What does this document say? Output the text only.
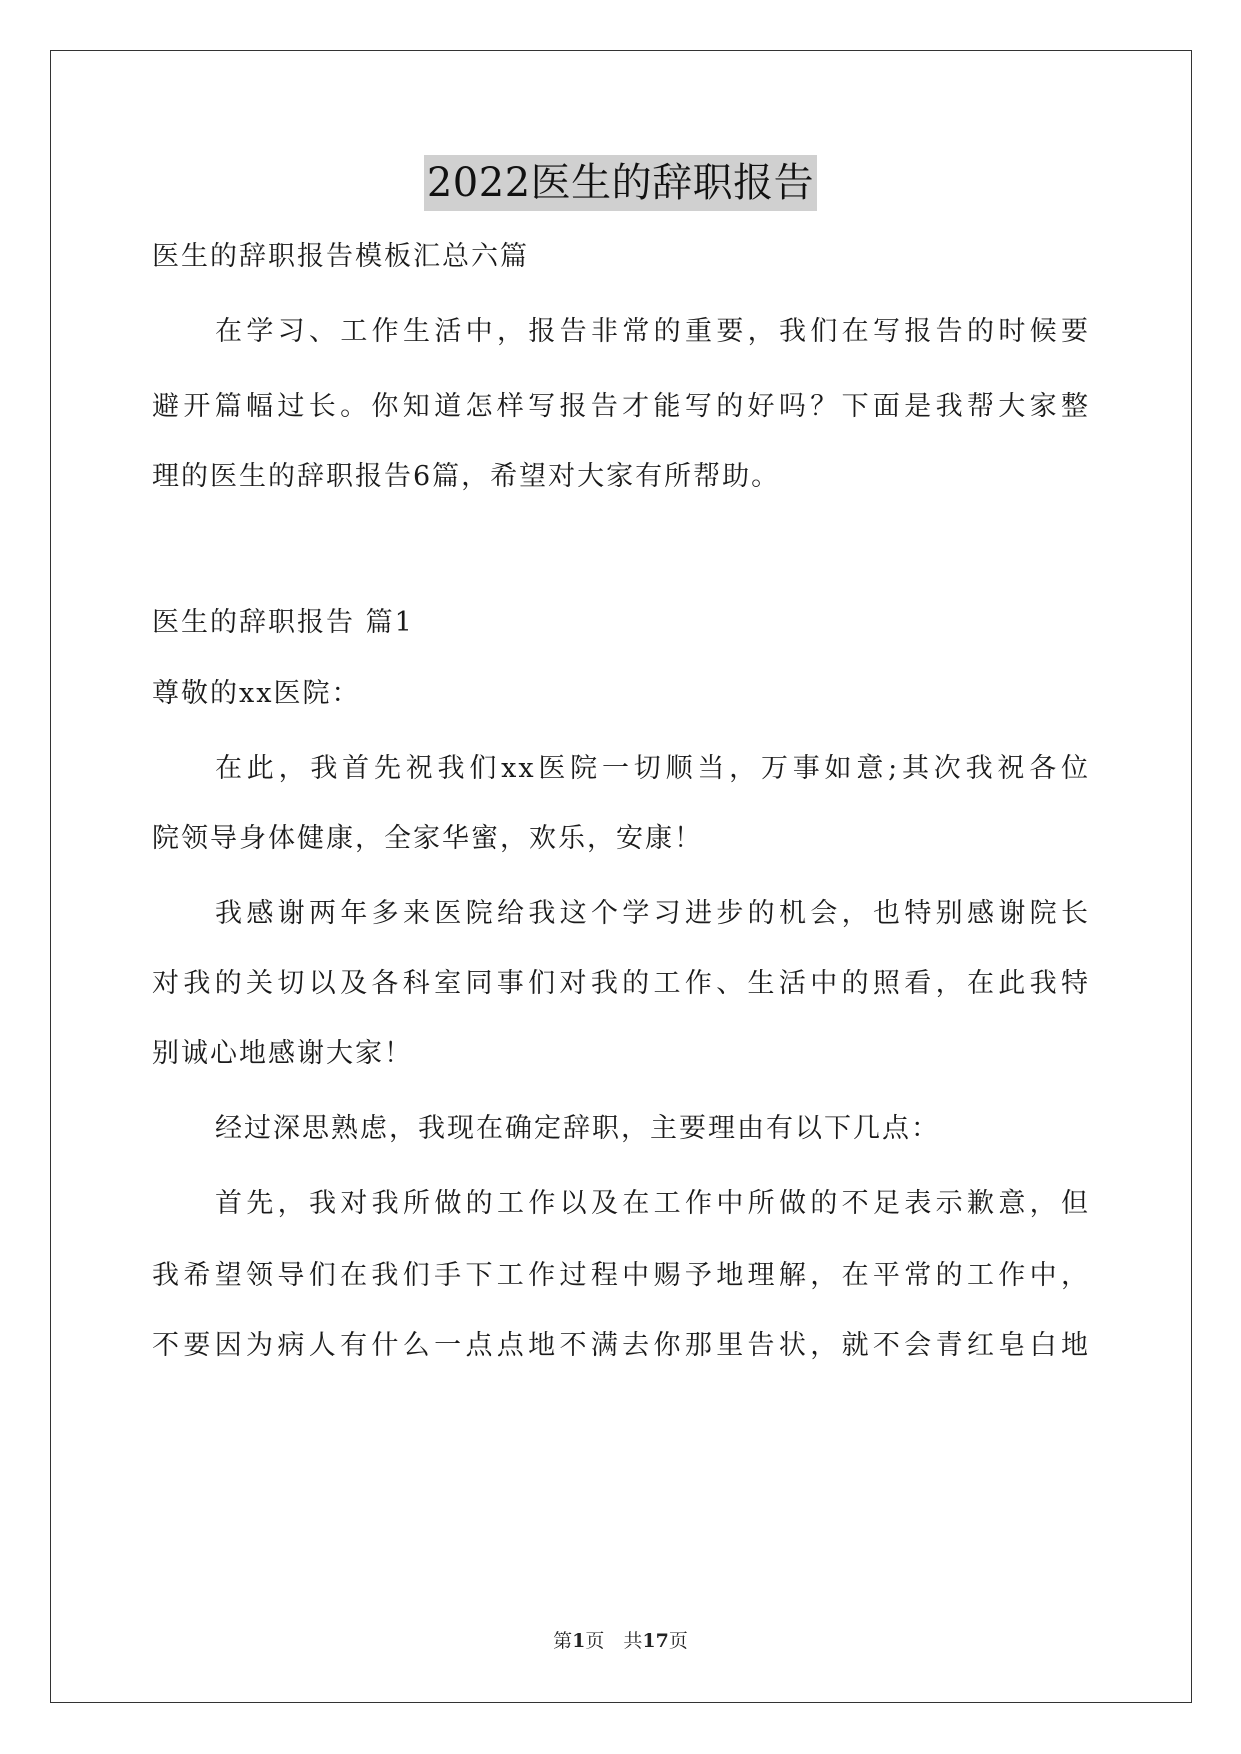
2022医生的辞职报告
医生的辞职报告模板汇总六篇
在学习、工作生活中，报告非常的重要，我们在写报告的时候要
避开篇幅过长。你知道怎样写报告才能写的好吗？下面是我帮大家整
理的医生的辞职报告6篇，希望对大家有所帮助。
医生的辞职报告 篇1
尊敬的xx医院：
在此，我首先祝我们xx医院一切顺当，万事如意;其次我祝各位
院领导身体健康，全家华蜜，欢乐，安康！
我感谢两年多来医院给我这个学习进步的机会，也特别感谢院长
对我的关切以及各科室同事们对我的工作、生活中的照看，在此我特
别诚心地感谢大家！
经过深思熟虑，我现在确定辞职，主要理由有以下几点：
首先，我对我所做的工作以及在工作中所做的不足表示歉意，但
我希望领导们在我们手下工作过程中赐予地理解，在平常的工作中，
不要因为病人有什么一点点地不满去你那里告状，就不会青红皂白地
第1页　共17页
